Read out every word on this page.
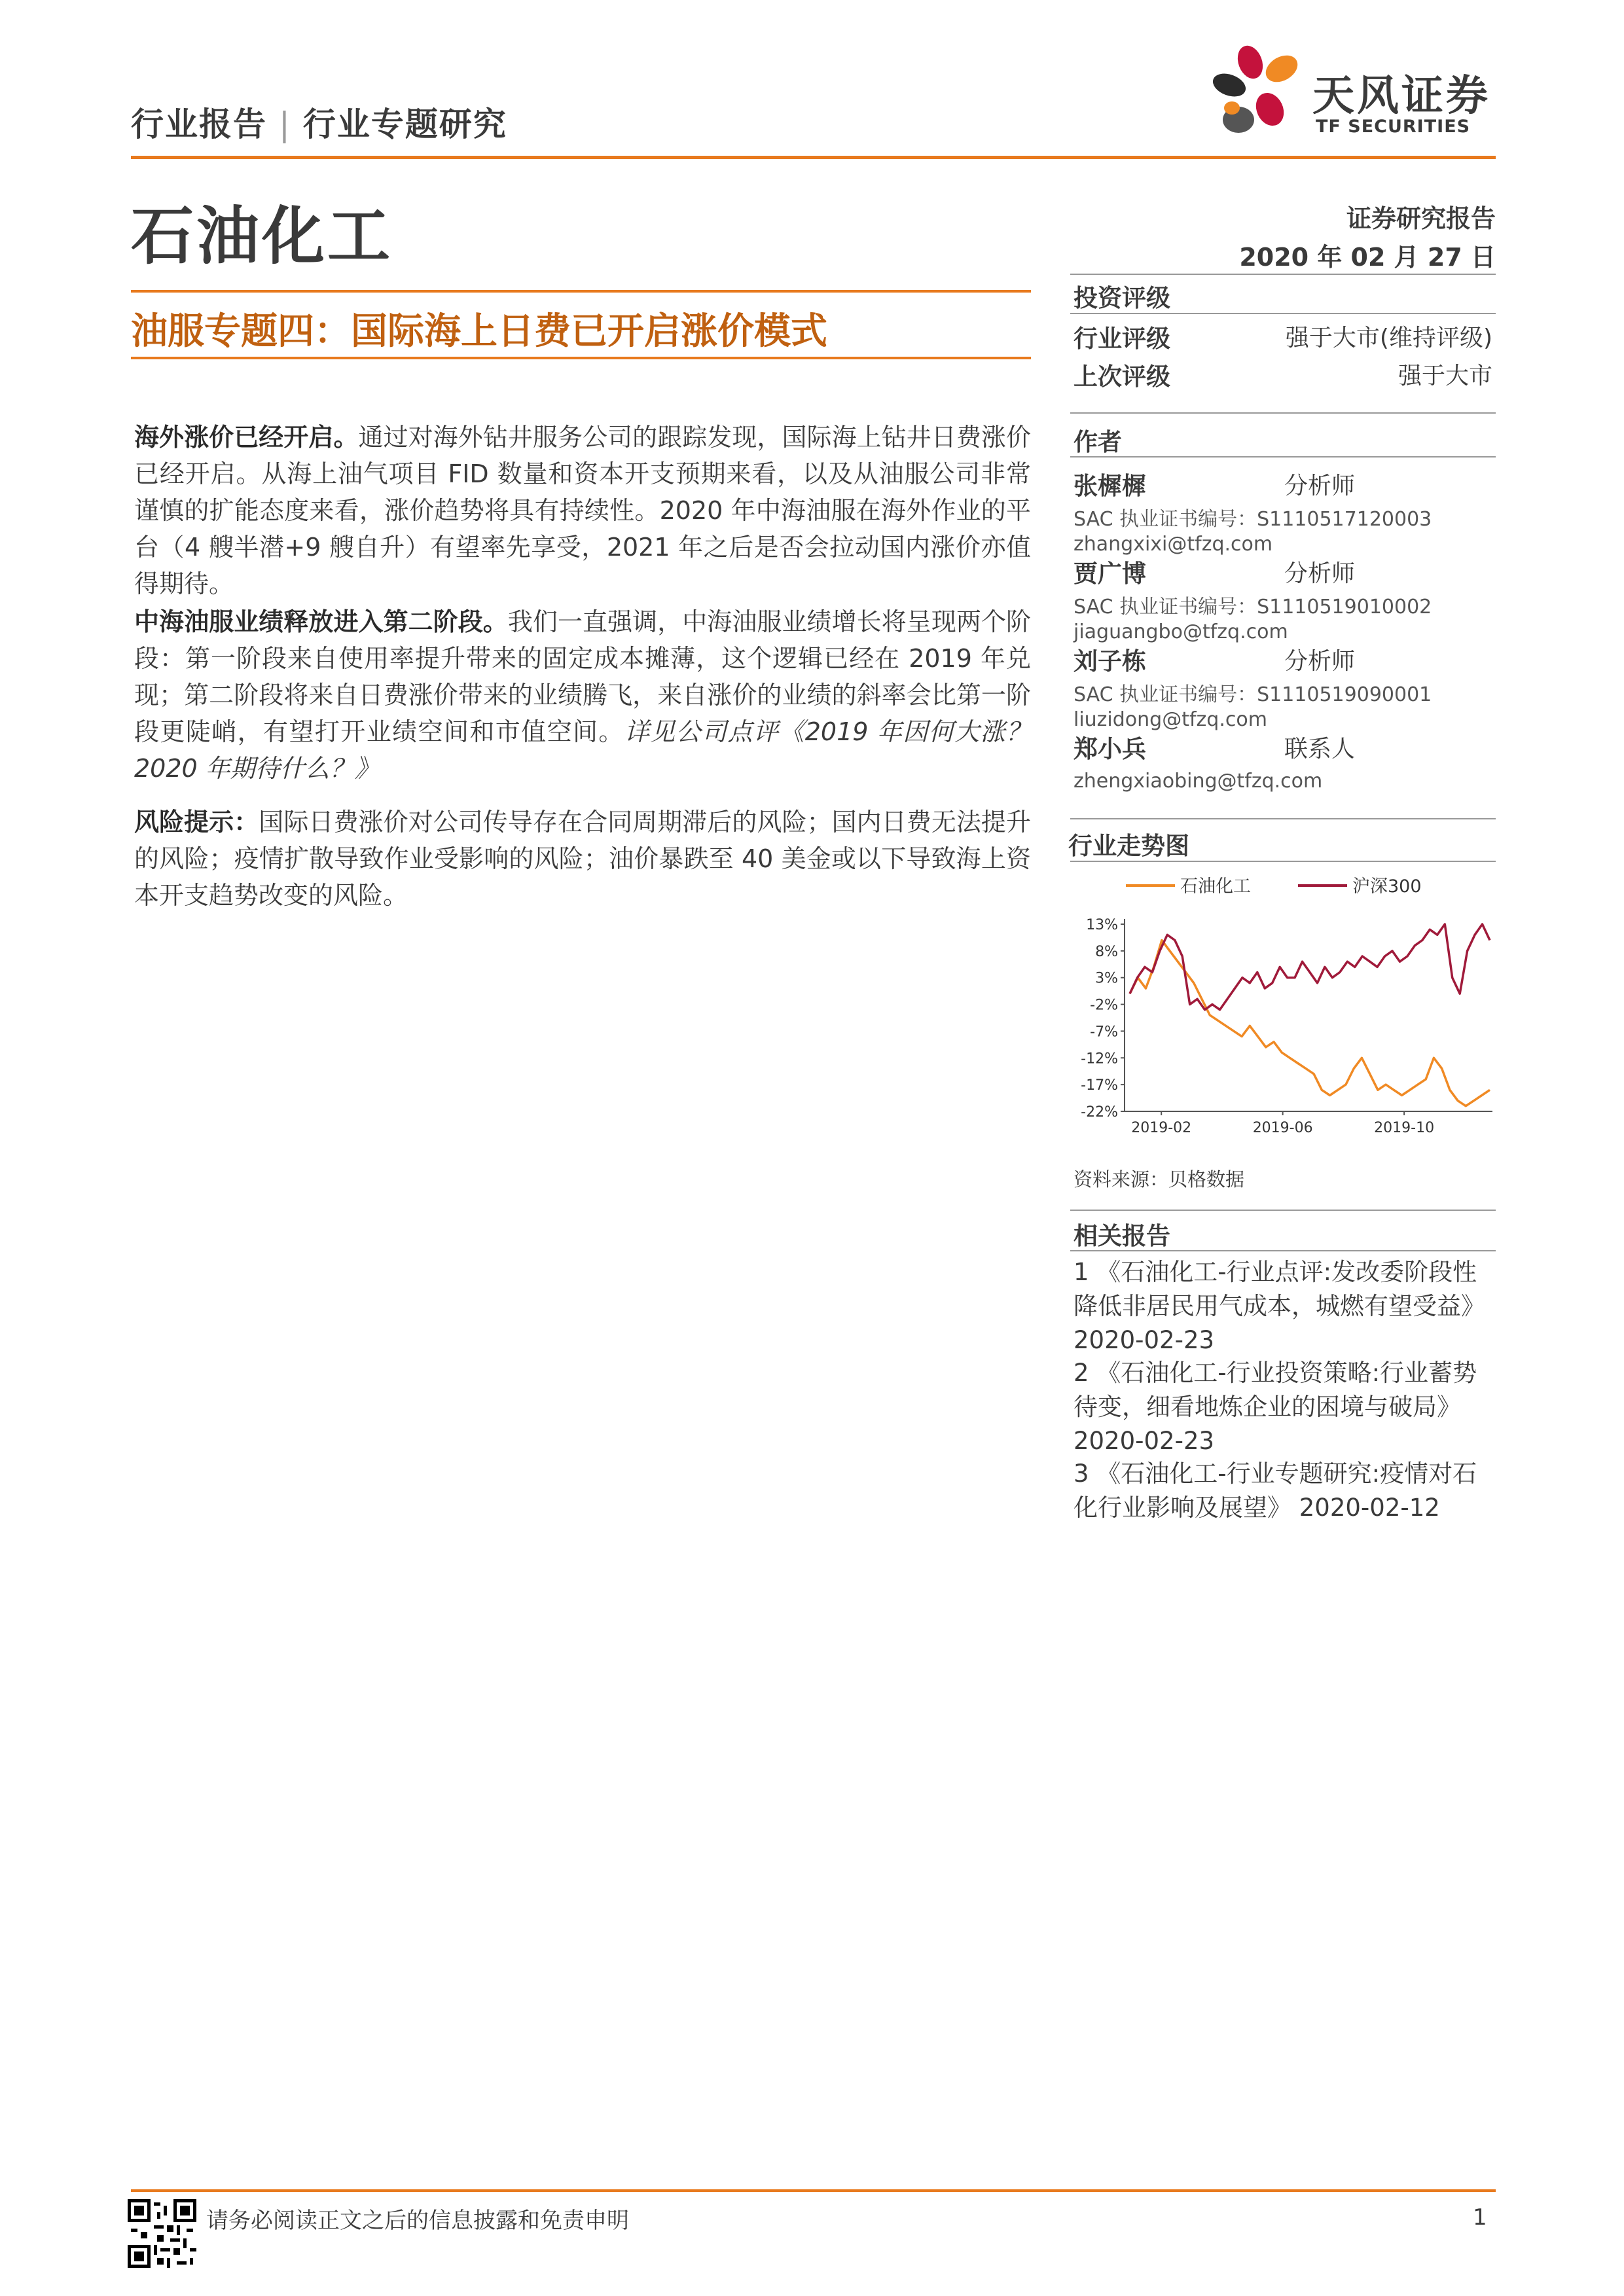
行业报告 | 行业专题研究
天风证券
TF SECURITIES
石油化工	证券研究报告
2020 年 02 月 27 日
油服专题四：国际海上日费已开启涨价模式
海外涨价已经开启。通过对海外钻井服务公司的跟踪发现，国际海上钻井日费涨价已经开启。从海上油气项目 FID 数量和资本开支预期来看，以及从油服公司非常谨慎的扩能态度来看，涨价趋势将具有持续性。2020 年中海油服在海外作业的平台（4 艘半潜+9 艘自升）有望率先享受，2021 年之后是否会拉动国内涨价亦值得期待。
中海油服业绩释放进入第二阶段。我们一直强调，中海油服业绩增长将呈现两个阶段：第一阶段来自使用率提升带来的固定成本摊薄，这个逻辑已经在 2019 年兑现；第二阶段将来自日费涨价带来的业绩腾飞，来自涨价的业绩的斜率会比第一阶段更陡峭，有望打开业绩空间和市值空间。详见公司点评《2019 年因何大涨？2020 年期待什么？》
风险提示：国际日费涨价对公司传导存在合同周期滞后的风险；国内日费无法提升的风险；疫情扩散导致作业受影响的风险；油价暴跌至 40 美金或以下导致海上资本开支趋势改变的风险。
投资评级
行业评级	强于大市(维持评级)
上次评级	强于大市
作者
张樨樨	分析师
SAC 执业证书编号：S1110517120003
zhangxixi@tfzq.com
贾广博	分析师
SAC 执业证书编号：S1110519010002
jiaguangbo@tfzq.com
刘子栋	分析师
SAC 执业证书编号：S1110519090001
liuzidong@tfzq.com
郑小兵	联系人
zhengxiaobing@tfzq.com
行业走势图
石油化工	沪深300
13%
8%
3%
-2%
-7%
-12%
-17%
-22%
2019-02	2019-06	2019-10
资料来源：贝格数据
相关报告
1 《石油化工-行业点评:发改委阶段性
降低非居民用气成本，城燃有望受益》
2020-02-23
2 《石油化工-行业投资策略:行业蓄势
待变，细看地炼企业的困境与破局》
2020-02-23
3 《石油化工-行业专题研究:疫情对石
化行业影响及展望》 2020-02-12
请务必阅读正文之后的信息披露和免责申明	1
